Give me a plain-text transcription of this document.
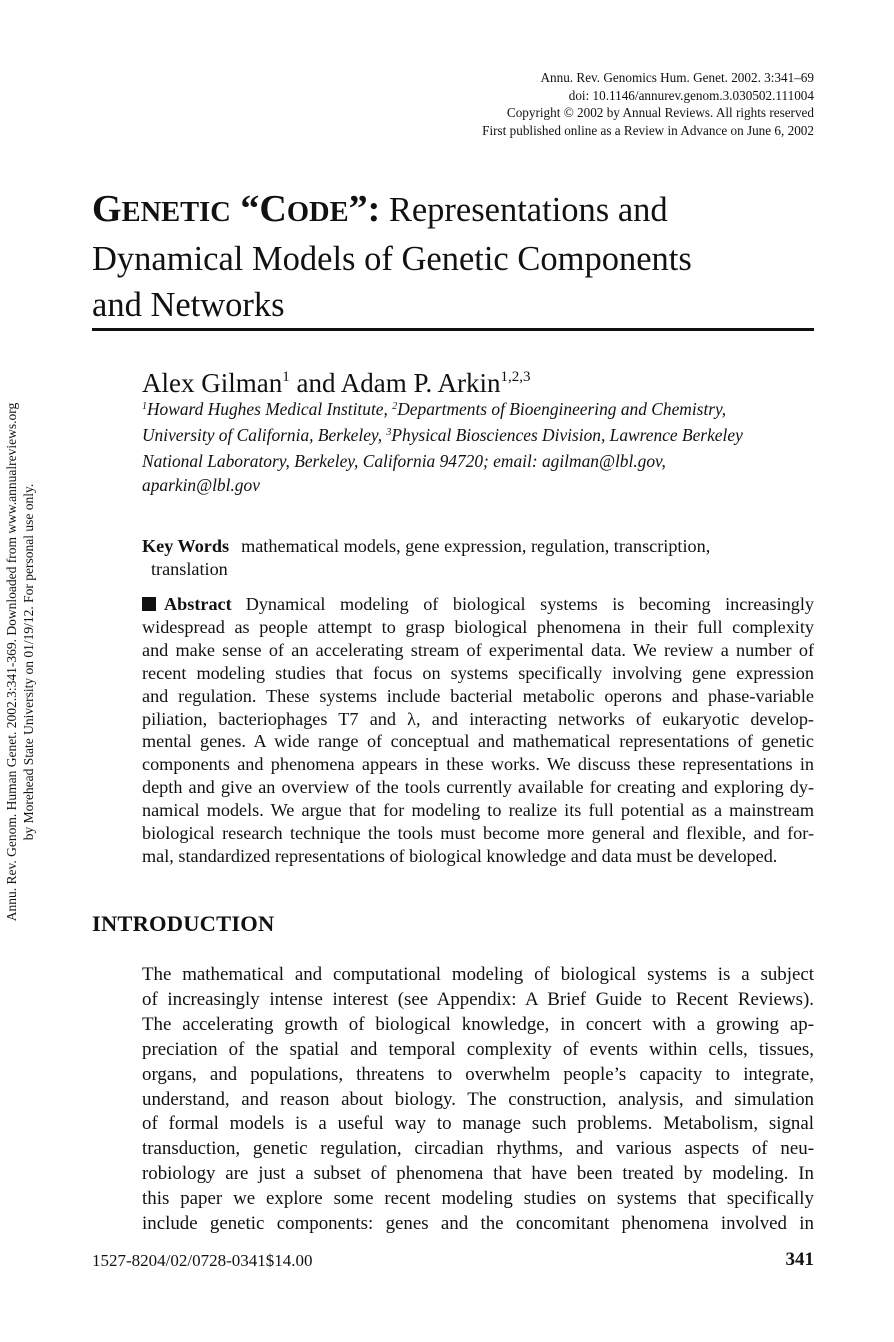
Annu. Rev. Genomics Hum. Genet. 2002. 3:341–69
doi: 10.1146/annurev.genom.3.030502.111004
Copyright © 2002 by Annual Reviews. All rights reserved
First published online as a Review in Advance on June 6, 2002
Annu. Rev. Genom. Human Genet. 2002.3:341-369. Downloaded from www.annualreviews.org by Morehead State University on 01/19/12. For personal use only.
GENETIC “CODE”: Representations and
Dynamical Models of Genetic Components
and Networks
Alex Gilman$^1$ and Adam P. Arkin$^{1,2,3}$
$^1$Howard Hughes Medical Institute, $^2$Departments of Bioengineering and Chemistry,
University of California, Berkeley, $^3$Physical Biosciences Division, Lawrence Berkeley
National Laboratory, Berkeley, California 94720; email: agilman@lbl.gov,
aparkin@lbl.gov
Key Words mathematical models, gene expression, regulation, transcription,
translation
Abstract Dynamical modeling of biological systems is becoming increasingly
widespread as people attempt to grasp biological phenomena in their full complexity
and make sense of an accelerating stream of experimental data. We review a number of
recent modeling studies that focus on systems specifically involving gene expression
and regulation. These systems include bacterial metabolic operons and phase-variable
piliation, bacteriophages T7 and λ, and interacting networks of eukaryotic develop-
mental genes. A wide range of conceptual and mathematical representations of genetic
components and phenomena appears in these works. We discuss these representations in
depth and give an overview of the tools currently available for creating and exploring dy-
namical models. We argue that for modeling to realize its full potential as a mainstream
biological research technique the tools must become more general and flexible, and for-
mal, standardized representations of biological knowledge and data must be developed.
INTRODUCTION
The mathematical and computational modeling of biological systems is a subject
of increasingly intense interest (see Appendix: A Brief Guide to Recent Reviews).
The accelerating growth of biological knowledge, in concert with a growing ap-
preciation of the spatial and temporal complexity of events within cells, tissues,
organs, and populations, threatens to overwhelm people’s capacity to integrate,
understand, and reason about biology. The construction, analysis, and simulation
of formal models is a useful way to manage such problems. Metabolism, signal
transduction, genetic regulation, circadian rhythms, and various aspects of neu-
robiology are just a subset of phenomena that have been treated by modeling. In
this paper we explore some recent modeling studies on systems that specifically
include genetic components: genes and the concomitant phenomena involved in
1527-8204/02/0728-0341$14.00	341
